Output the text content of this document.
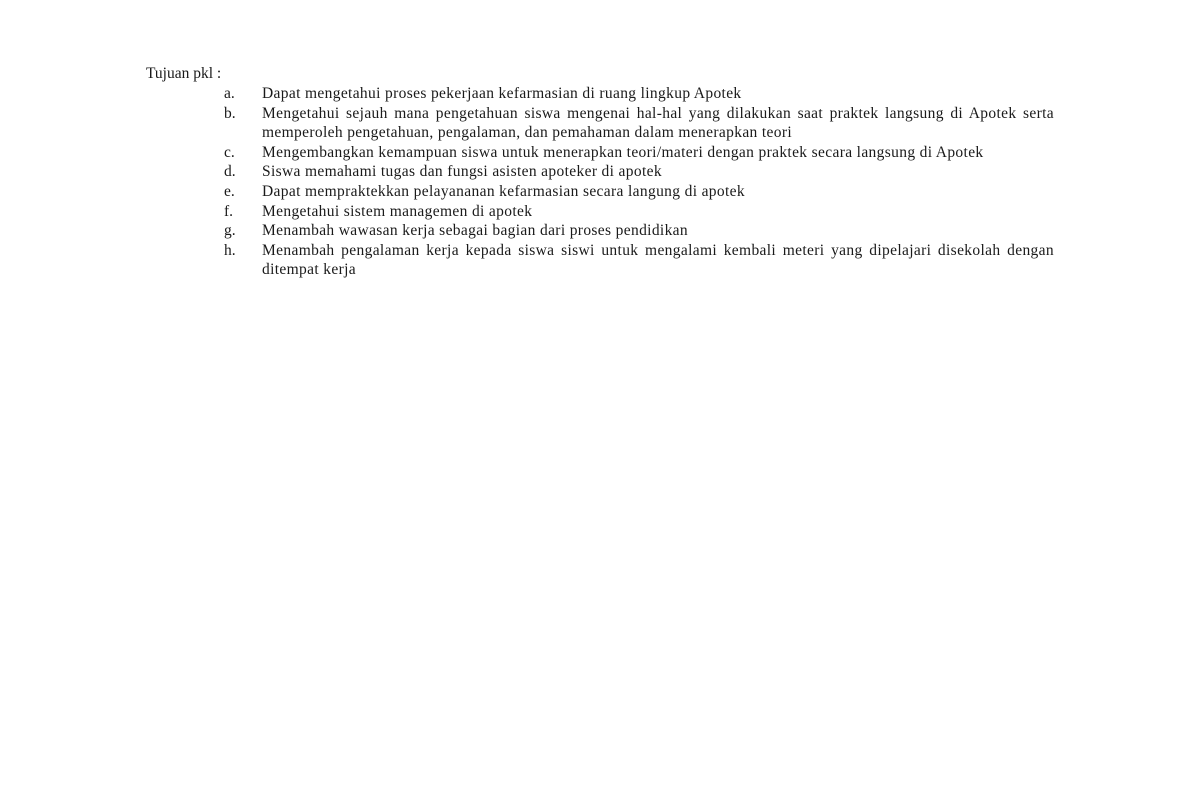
Tujuan pkl :
a.	Dapat mengetahui proses pekerjaan kefarmasian di ruang lingkup Apotek
b.	Mengetahui sejauh mana pengetahuan siswa mengenai hal-hal yang dilakukan saat praktek langsung di Apotek serta memperoleh pengetahuan, pengalaman, dan pemahaman dalam menerapkan teori
c.	Mengembangkan kemampuan siswa untuk menerapkan teori/materi dengan praktek secara langsung di Apotek
d.	Siswa memahami tugas dan fungsi asisten apoteker di apotek
e.	Dapat mempraktekkan pelayananan kefarmasian secara langung di apotek
f.	Mengetahui sistem managemen di apotek
g.	Menambah wawasan kerja sebagai bagian dari proses pendidikan
h.	Menambah pengalaman kerja kepada siswa siswi untuk mengalami kembali meteri yang dipelajari disekolah dengan ditempat kerja
